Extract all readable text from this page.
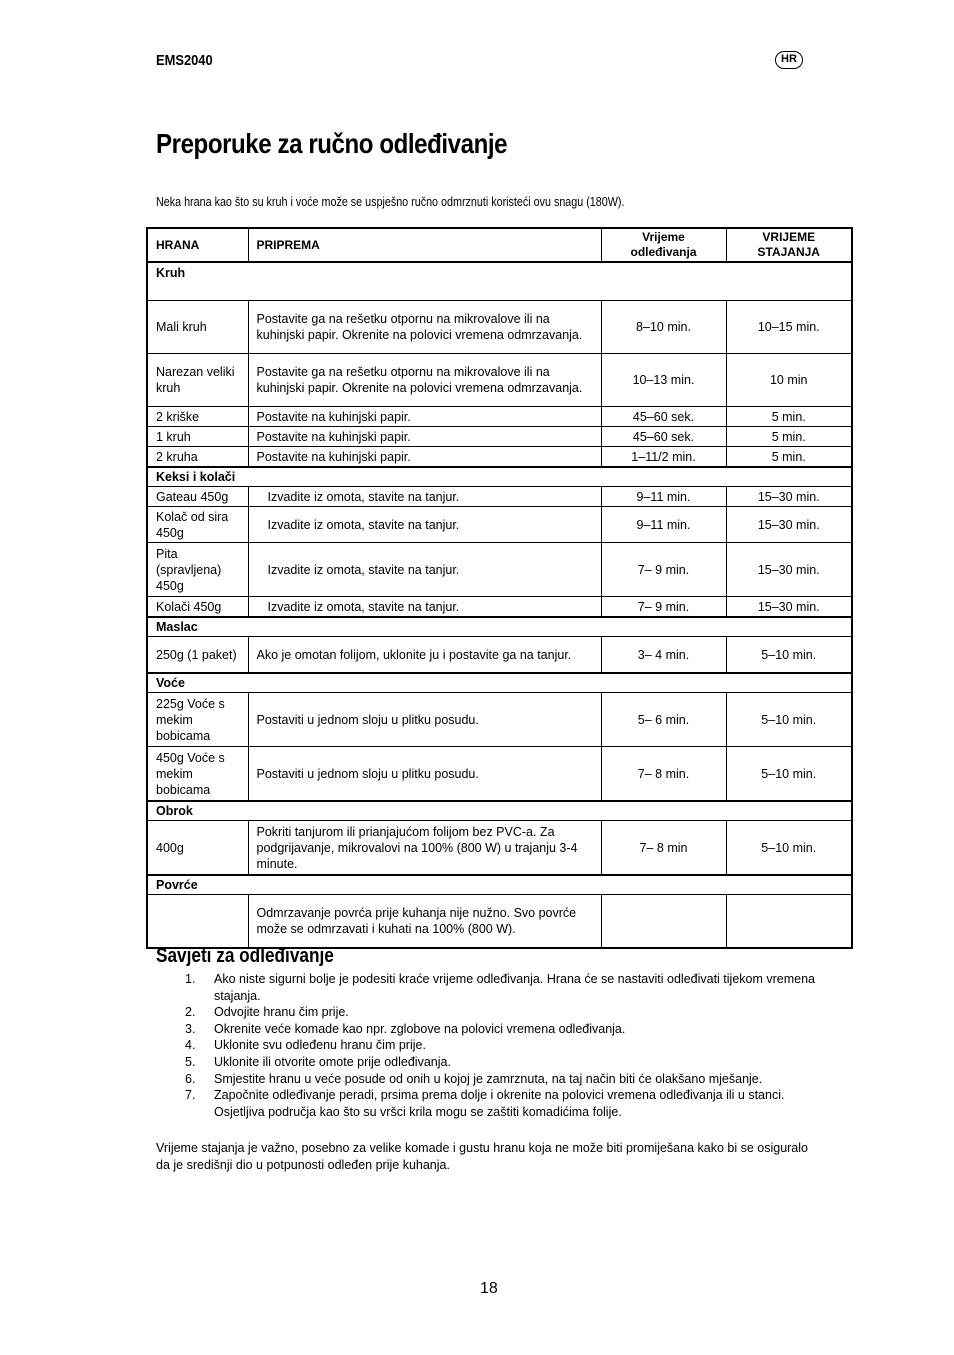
EMS2040	HR
Preporuke za ručno odleđivanje
Neka hrana kao što su kruh i voće može se uspješno ručno odmrznuti koristeći ovu snagu (180W).
HRANA	PRIPREMA	Vrijeme odleđivanja	VRIJEME STAJANJA
Kruh			
Mali kruh	Postavite ga na rešetku otpornu na mikrovalove ili na kuhinjski papir. Okrenite na polovici vremena odmrzavanja.	8–10 min.	10–15 min.
Narezan veliki kruh	Postavite ga na rešetku otpornu na mikrovalove ili na kuhinjski papir. Okrenite na polovici vremena odmrzavanja.	10–13 min.	10 min
2 kriške	Postavite na kuhinjski papir.	45–60 sek.	5 min.
1 kruh	Postavite na kuhinjski papir.	45–60 sek.	5 min.
2 kruha	Postavite na kuhinjski papir.	1–11/2 min.	5 min.
Keksi i kolači			
Gateau 450g	Izvadite iz omota, stavite na tanjur.	9–11 min.	15–30 min.
Kolač od sira 450g	Izvadite iz omota, stavite na tanjur.	9–11 min.	15–30 min.
Pita (spravljena) 450g	Izvadite iz omota, stavite na tanjur.	7– 9 min.	15–30 min.
Kolači 450g	Izvadite iz omota, stavite na tanjur.	7– 9 min.	15–30 min.
Maslac			
250g (1 paket)	Ako je omotan folijom, uklonite ju i postavite ga na tanjur.	3– 4 min.	5–10 min.
Voće			
225g Voće s mekim bobicama	Postaviti u jednom sloju u plitku posudu.	5– 6 min.	5–10 min.
450g Voće s mekim bobicama	Postaviti u jednom sloju u plitku posudu.	7– 8 min.	5–10 min.
Obrok			
400g	Pokriti tanjurom ili prianjajućom folijom bez PVC-a. Za podgrijavanje, mikrovalovi na 100% (800 W) u trajanju 3-4 minute.	7– 8 min	5–10 min.
Povrće			
	Odmrzavanje povrća prije kuhanja nije nužno. Svo povrće može se odmrzavati i kuhati na 100% (800 W).		
Savjeti za odleđivanje
1. Ako niste sigurni bolje je podesiti kraće vrijeme odleđivanja. Hrana će se nastaviti odleđivati tijekom vremena stajanja.
2. Odvojite hranu čim prije.
3. Okrenite veće komade kao npr. zglobove na polovici vremena odleđivanja.
4. Uklonite svu odleđenu hranu čim prije.
5. Uklonite ili otvorite omote prije odleđivanja.
6. Smjestite hranu u veće posude od onih u kojoj je zamrznuta, na taj način biti će olakšano mješanje.
7. Započnite odleđivanje peradi, prsima prema dolje i okrenite na polovici vremena odleđivanja ili u stanci. Osjetljiva područja kao što su vršci krila mogu se zaštiti komadićima folije.
Vrijeme stajanja je važno, posebno za velike komade i gustu hranu koja ne može biti promiješana kako bi se osiguralo da je središnji dio u potpunosti odleđen prije kuhanja.
18
